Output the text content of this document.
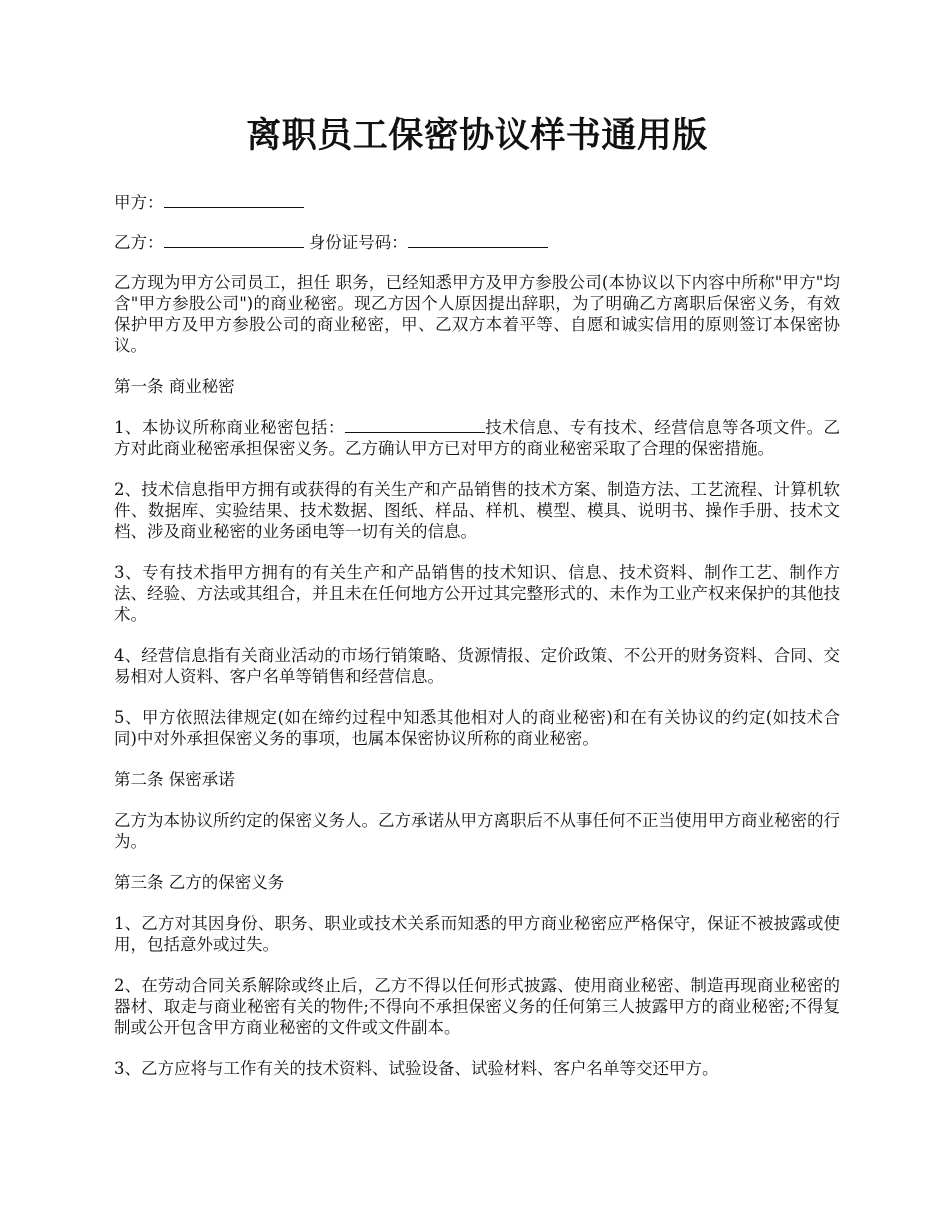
离职员工保密协议样书通用版

甲方：

乙方：	身份证号码：

乙方现为甲方公司员工，担任 职务，已经知悉甲方及甲方参股公司(本协议以下内容中所称"甲方"均含"甲方参股公司")的商业秘密。现乙方因个人原因提出辞职，为了明确乙方离职后保密义务，有效保护甲方及甲方参股公司的商业秘密，甲、乙双方本着平等、自愿和诚实信用的原则签订本保密协议。

第一条 商业秘密

1、本协议所称商业秘密包括：	技术信息、专有技术、经营信息等各项文件。乙方对此商业秘密承担保密义务。乙方确认甲方已对甲方的商业秘密采取了合理的保密措施。

2、技术信息指甲方拥有或获得的有关生产和产品销售的技术方案、制造方法、工艺流程、计算机软件、数据库、实验结果、技术数据、图纸、样品、样机、模型、模具、说明书、操作手册、技术文档、涉及商业秘密的业务函电等一切有关的信息。

3、专有技术指甲方拥有的有关生产和产品销售的技术知识、信息、技术资料、制作工艺、制作方法、经验、方法或其组合，并且未在任何地方公开过其完整形式的、未作为工业产权来保护的其他技术。

4、经营信息指有关商业活动的市场行销策略、货源情报、定价政策、不公开的财务资料、合同、交易相对人资料、客户名单等销售和经营信息。

5、甲方依照法律规定(如在缔约过程中知悉其他相对人的商业秘密)和在有关协议的约定(如技术合同)中对外承担保密义务的事项，也属本保密协议所称的商业秘密。

第二条 保密承诺

乙方为本协议所约定的保密义务人。乙方承诺从甲方离职后不从事任何不正当使用甲方商业秘密的行为。

第三条 乙方的保密义务

1、乙方对其因身份、职务、职业或技术关系而知悉的甲方商业秘密应严格保守，保证不被披露或使用，包括意外或过失。

2、在劳动合同关系解除或终止后，乙方不得以任何形式披露、使用商业秘密、制造再现商业秘密的器材、取走与商业秘密有关的物件;不得向不承担保密义务的任何第三人披露甲方的商业秘密;不得复制或公开包含甲方商业秘密的文件或文件副本。

3、乙方应将与工作有关的技术资料、试验设备、试验材料、客户名单等交还甲方。
